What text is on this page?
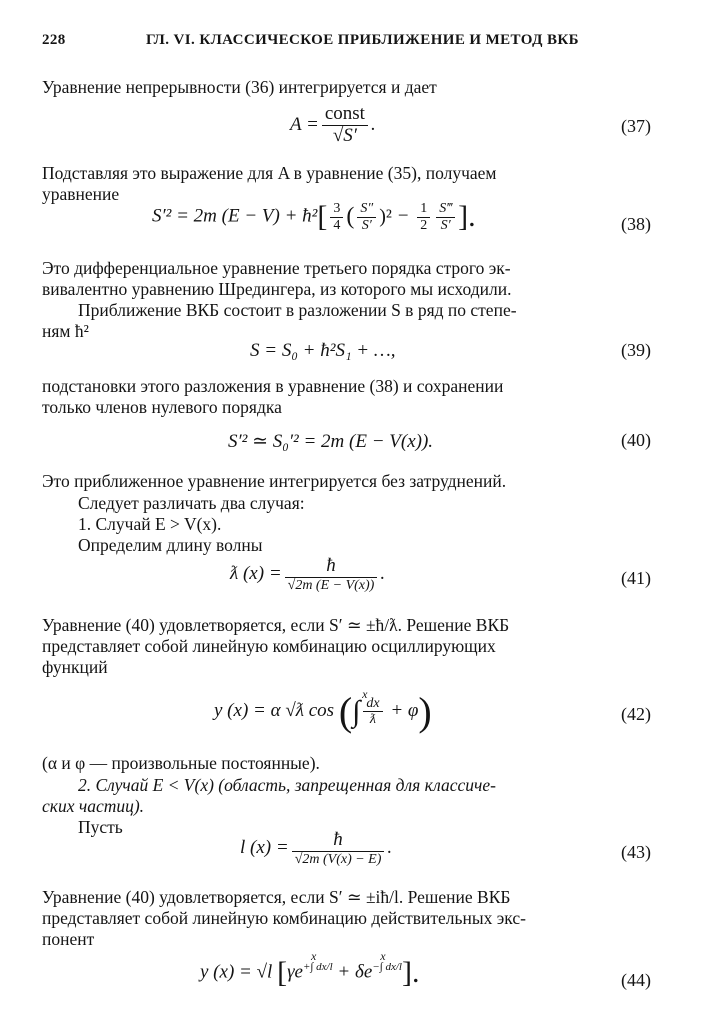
228	ГЛ. VI. КЛАССИЧЕСКОЕ ПРИБЛИЖЕНИЕ И МЕТОД ВКБ
Уравнение непрерывности (36) интегрируется и дает
$A = \frac{\text{const}}{√S'}$ .	(37)
Подставляя это выражение для A в уравнение (35), получаем
уравнение
S′² = 2m (E − V) + ħ²[ $\frac{3}{4}$ ( $\frac{S''}{S'} )^2 - \frac{1}{2} \frac{S‴}{S'}$ ].	(38)
Это дифференциальное уравнение третьего порядка строго эк-
вивалентно уравнению Шредингера, из которого мы исходили.
Приближение ВКБ состоит в разложении S в ряд по степе-
ням ħ²
S = S₀ + ħ²S₁ + …,	(39)
подстановки этого разложения в уравнение (38) и сохранении
только членов нулевого порядка
S′² ≃ S₀′² = 2m (E − V(x)).	(40)
Это приближенное уравнение интегрируется без затруднений.
Следует различать два случая:
1. Случай E > V(x).
Определим длину волны
ƛ $(x) = \frac{ħ}{√2m (E - V(x))}$ .	(41)
Уравнение (40) удовлетворяется, если S′ ≃ ±ħ/ƛ. Решение ВКБ
представляет собой линейную комбинацию осциллирующих
функций
y (x) = α √ƛ cos (∫
x
$\frac{dx}{ƛ} + \varphi$)	(42)
(α и φ — произвольные постоянные).
2. Случай E < V(x) (область, запрещенная для классиче-
ских частиц).
Пусть
l $(x) = \frac{ħ}{√2m (V(x) - E)}$ .	(43)
Уравнение (40) удовлетворяется, если S′ ≃ ±iħ/l. Решение ВКБ
представляет собой линейную комбинацию действительных экс-
понент
y (x) = √l [$\gamma e^{+\int dx/l x}$
+ $\delta e^{-\int dx/l x}$ ].	(44)
